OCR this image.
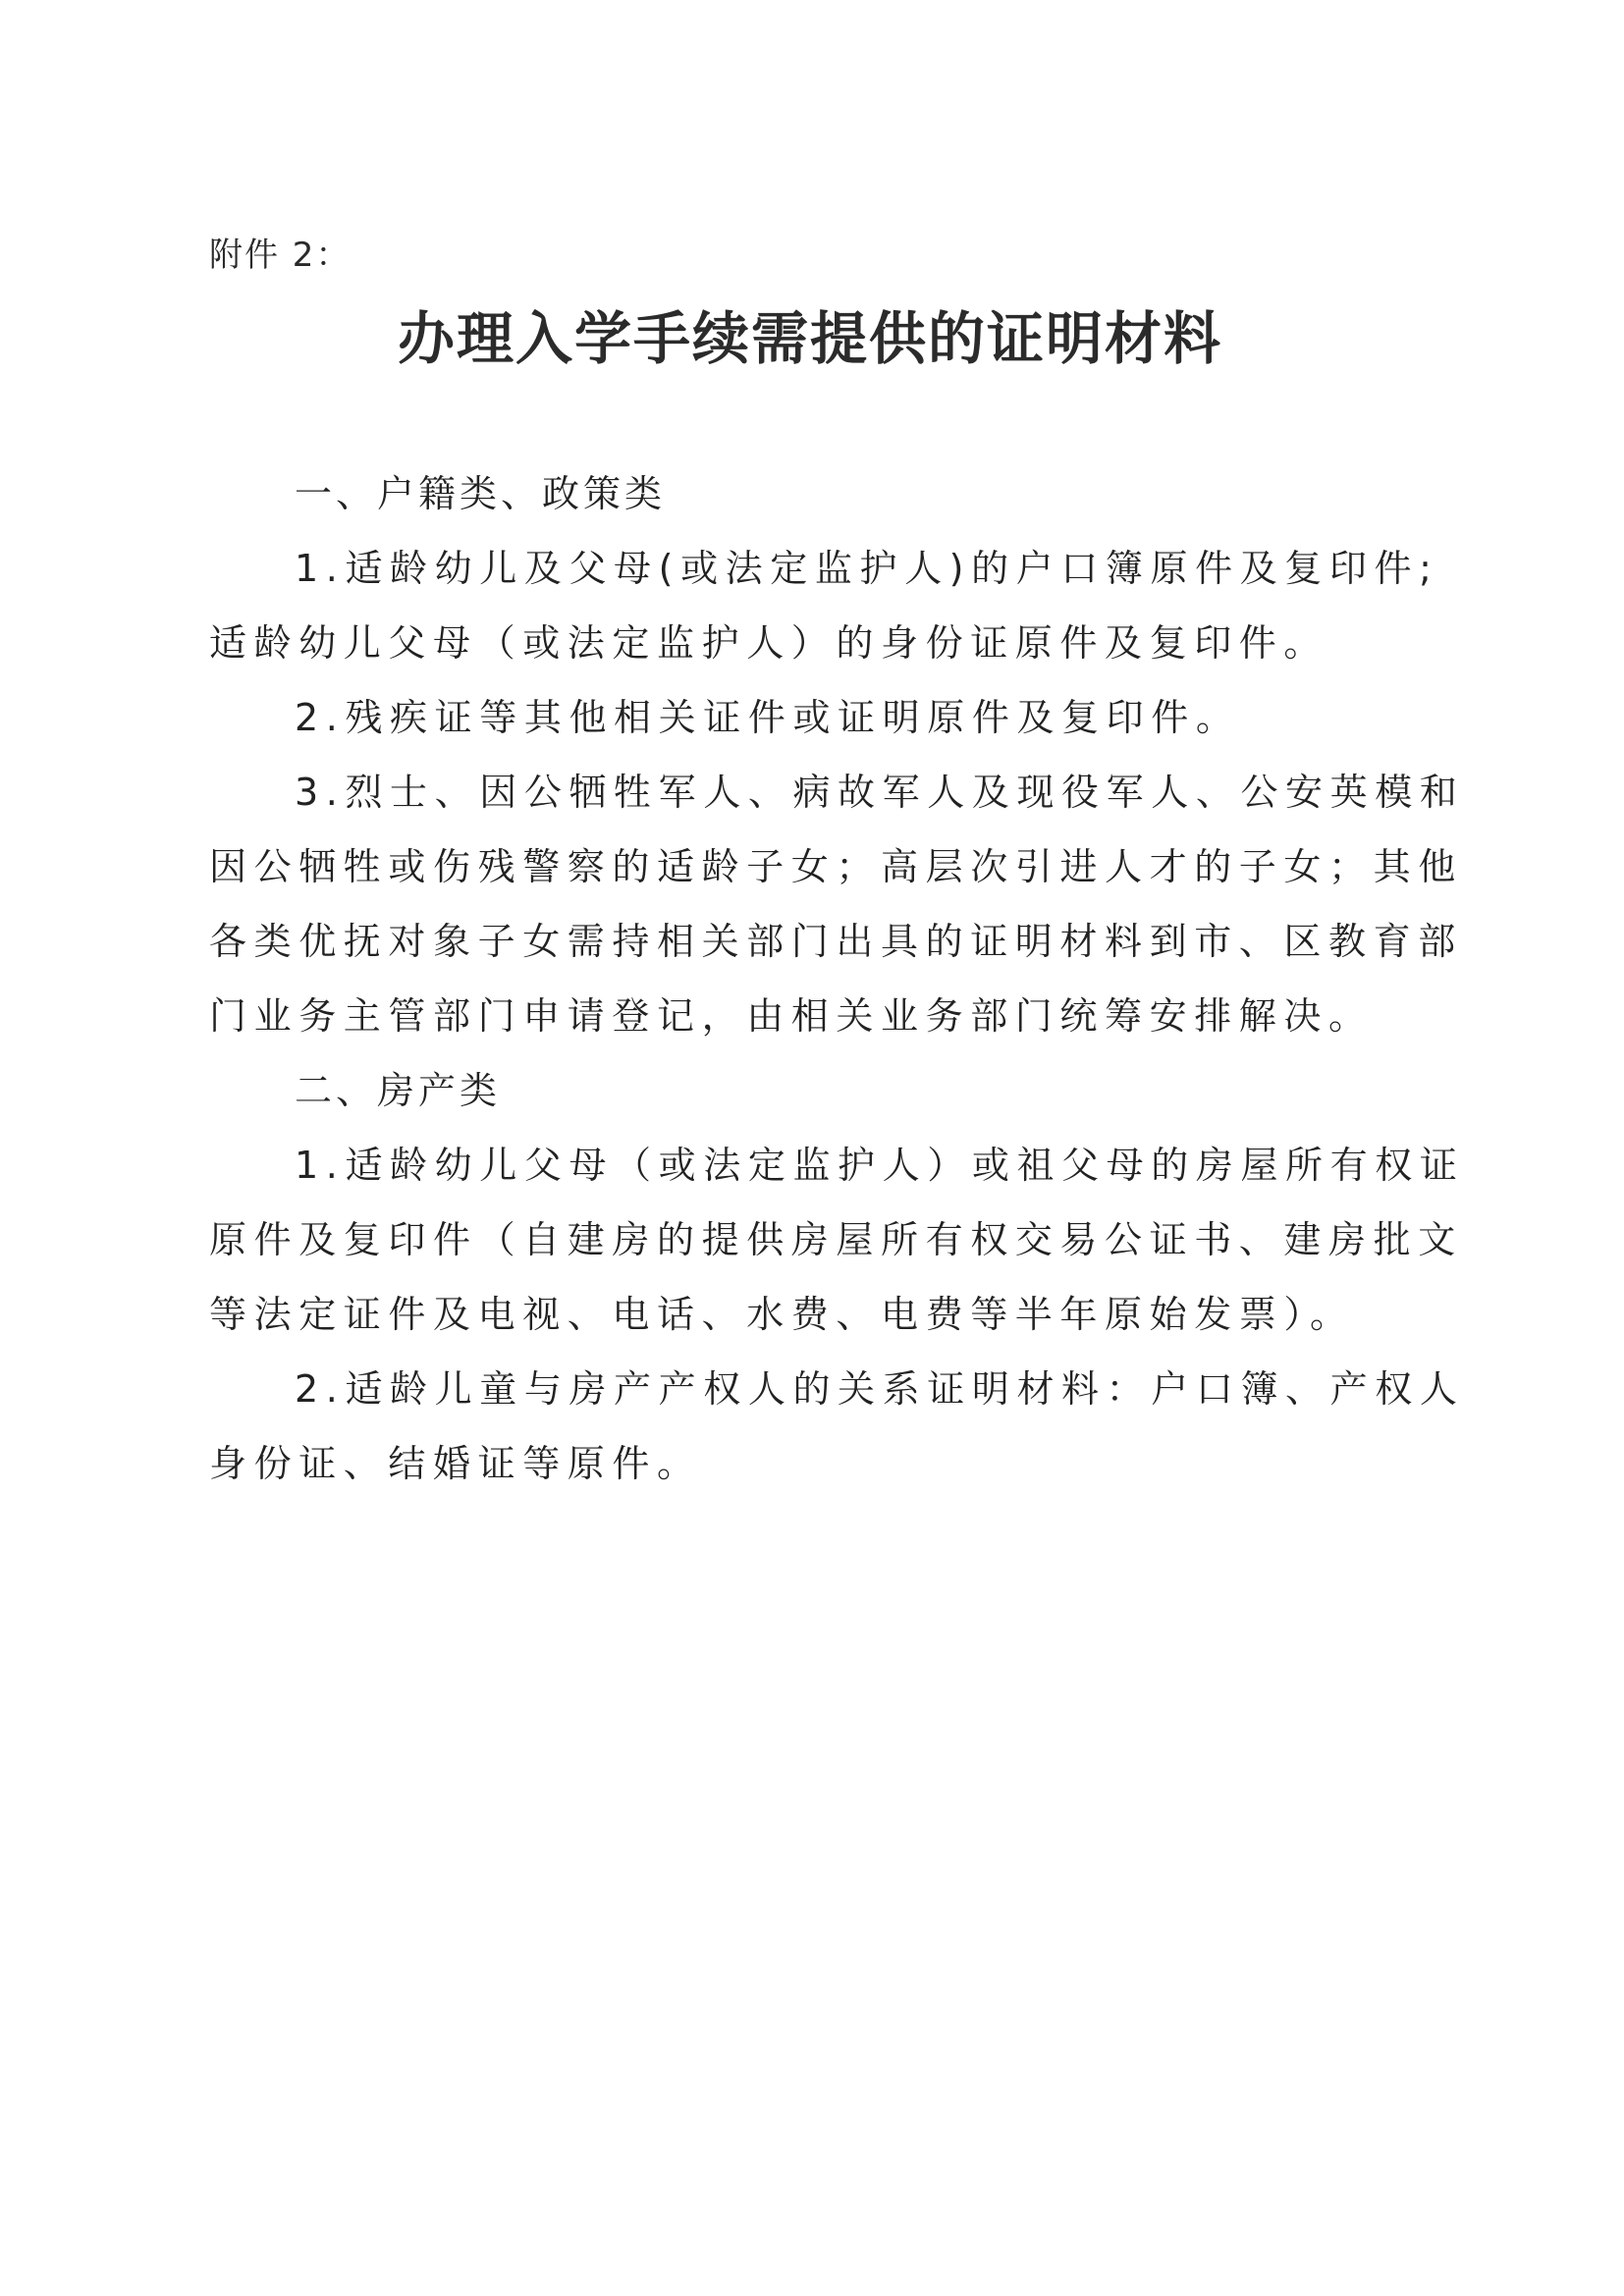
附件 2：
办理入学手续需提供的证明材料
一、户籍类、政策类
1.适龄幼儿及父母(或法定监护人)的户口簿原件及复印件;
适龄幼儿父母（或法定监护人）的身份证原件及复印件。
2.残疾证等其他相关证件或证明原件及复印件。
3.烈士、因公牺牲军人、病故军人及现役军人、公安英模和
因公牺牲或伤残警察的适龄子女；高层次引进人才的子女；其他
各类优抚对象子女需持相关部门出具的证明材料到市、区教育部
门业务主管部门申请登记，由相关业务部门统筹安排解决。
二、房产类
1.适龄幼儿父母（或法定监护人）或祖父母的房屋所有权证
原件及复印件（自建房的提供房屋所有权交易公证书、建房批文
等法定证件及电视、电话、水费、电费等半年原始发票）。
2.适龄儿童与房产产权人的关系证明材料：户口簿、产权人
身份证、结婚证等原件。
